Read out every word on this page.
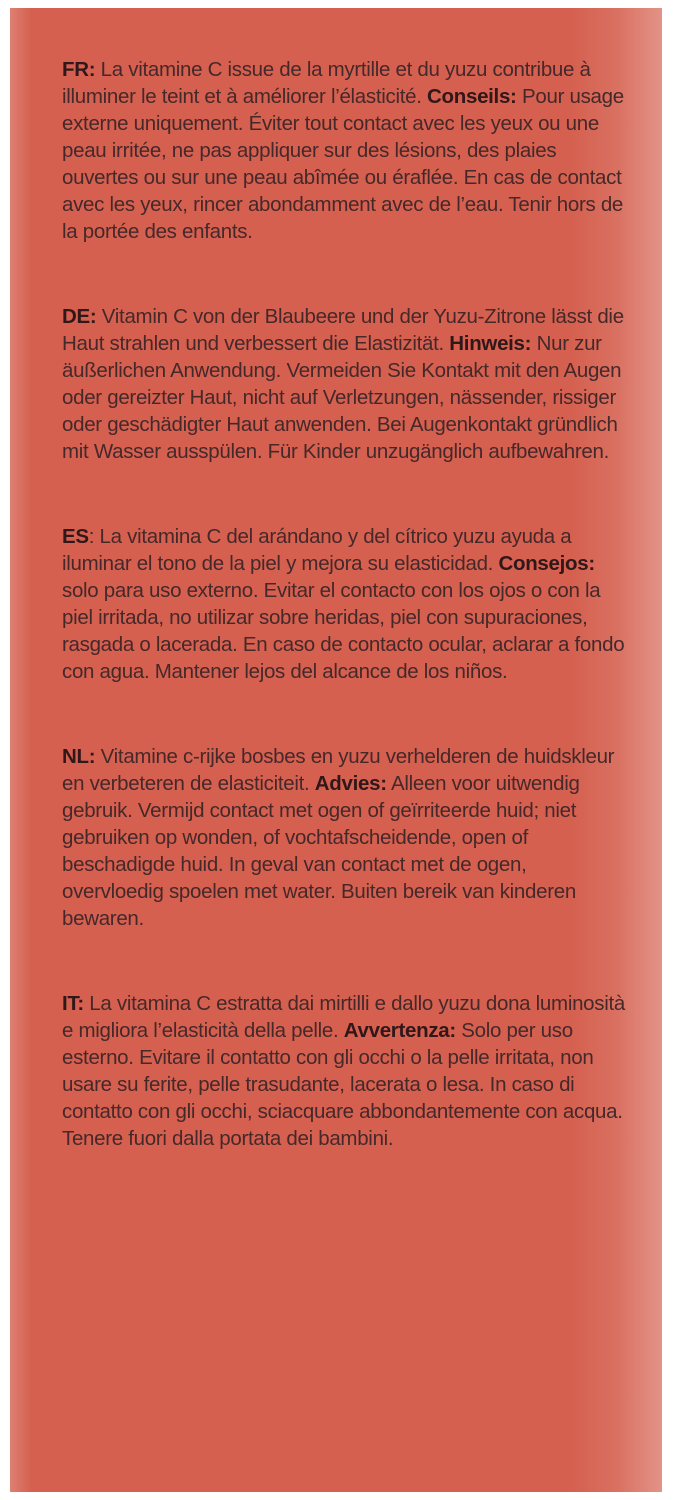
FR: La vitamine C issue de la myrtille et du yuzu contribue à illuminer le teint et à améliorer l’élasticité. Conseils: Pour usage externe uniquement. Éviter tout contact avec les yeux ou une peau irritée, ne pas appliquer sur des lésions, des plaies ouvertes ou sur une peau abîmée ou éraflée. En cas de contact avec les yeux, rincer abondamment avec de l’eau. Tenir hors de la portée des enfants.

DE: Vitamin C von der Blaubeere und der Yuzu-Zitrone lässt die Haut strahlen und verbessert die Elastizität. Hinweis: Nur zur äußerlichen Anwendung. Vermeiden Sie Kontakt mit den Augen oder gereizter Haut, nicht auf Verletzungen, nässender, rissiger oder geschädigter Haut anwenden. Bei Augenkontakt gründlich mit Wasser ausspülen. Für Kinder unzugänglich aufbewahren.

ES: La vitamina C del arándano y del cítrico yuzu ayuda a iluminar el tono de la piel y mejora su elasticidad. Consejos: solo para uso externo. Evitar el contacto con los ojos o con la piel irritada, no utilizar sobre heridas, piel con supuraciones, rasgada o lacerada. En caso de contacto ocular, aclarar a fondo con agua. Mantener lejos del alcance de los niños.

NL: Vitamine c-rijke bosbes en yuzu verhelderen de huidskleur en verbeteren de elasticiteit. Advies: Alleen voor uitwendig gebruik. Vermijd contact met ogen of geïrriteerde huid; niet gebruiken op wonden, of vochtafscheidende, open of beschadigde huid. In geval van contact met de ogen, overvloedig spoelen met water. Buiten bereik van kinderen bewaren.

IT: La vitamina C estratta dai mirtilli e dallo yuzu dona luminosità e migliora l’elasticità della pelle. Avvertenza: Solo per uso esterno. Evitare il contatto con gli occhi o la pelle irritata, non usare su ferite, pelle trasudante, lacerata o lesa. In caso di contatto con gli occhi, sciacquare abbondantemente con acqua. Tenere fuori dalla portata dei bambini.
